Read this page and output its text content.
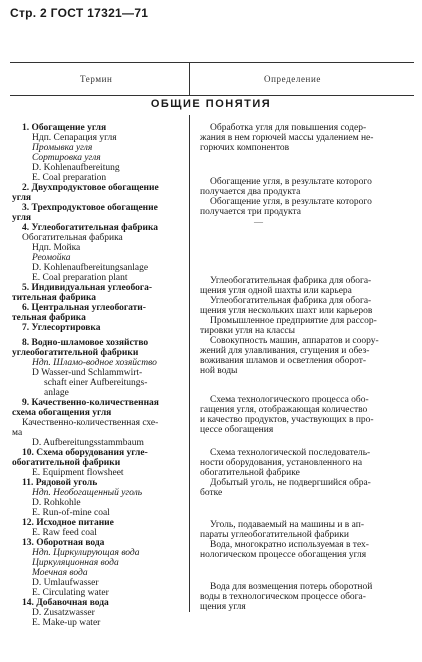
Стр. 2 ГОСТ 17321—71
Термин	Определение
ОБЩИЕ ПОНЯТИЯ
1. Обогащение угля
Ндп. Сепарация угля
Промывка угля
Сортировка угля
D. Kohlenaufbereitung
E. Coal preparation
2. Двухпродуктовое обогащение
угля
3. Трехпродуктовое обогащение
угля
4. Углеобогатительная фабрика
Обогатительная фабрика
Ндп. Мойка
Реомойка
D. Kohlenaufbereitungsanlage
E. Coal preparation plant
5. Индивидуальная углеобога-
тительная фабрика
6. Центральная углеобогати-
тельная фабрика
7. Углесортировка
8. Водно-шламовое хозяйство
углеобогатительной фабрики
Ндп. Шламо-водное хозяйство
D Wasser-und Schlammwirt-
schaft einer Aufbereitungs-
anlage
9. Качественно-количественная
схема обогащения угля
Качественно-количественная схе-
ма
D. Aufbereitungsstammbaum
10. Схема оборудования угле-
обогатительной фабрики
E. Equipment flowsheet
11. Рядовой уголь
Ндп. Необогащенный уголь
D. Rohkohle
E. Run-of-mine coal
12. Исходное питание
E. Raw feed coal
13. Оборотная вода
Ндп. Циркулирующая вода
Циркуляционная вода
Моечная вода
D. Umlaufwasser
E. Circulating water
14. Добавочная вода
D. Zusatzwasser
E. Make-up water
Обработка угля для повышения содер-
жания в нем горючей массы удалением не-
горючих компонентов
Обогащение угля, в результате которого
получается два продукта
Обогащение угля, в результате которого
получается три продукта
Углеобогатительная фабрика для обога-
щения угля одной шахты или карьера
Углеобогатительная фабрика для обога-
щения угля нескольких шахт или карьеров
Промышленное предприятие для рассор-
тировки угля на классы
Совокупность машин, аппаратов и соору-
жений для улавливания, сгущения и обез-
воживания шламов и осветления оборот-
ной воды
Схема технологического процесса обо-
гащения угля, отображающая количество
и качество продуктов, участвующих в про-
цессе обогащения
Схема технологической последователь-
ности оборудования, установленного на
обогатительной фабрике
Добытый уголь, не подвергшийся обра-
ботке
Уголь, подаваемый на машины и в ап-
параты углеобогатительной фабрики
Вода, многократно используемая в тех-
нологическом процессе обогащения угля
Вода для возмещения потерь оборотной
воды в технологическом процессе обога-
щения угля
—
